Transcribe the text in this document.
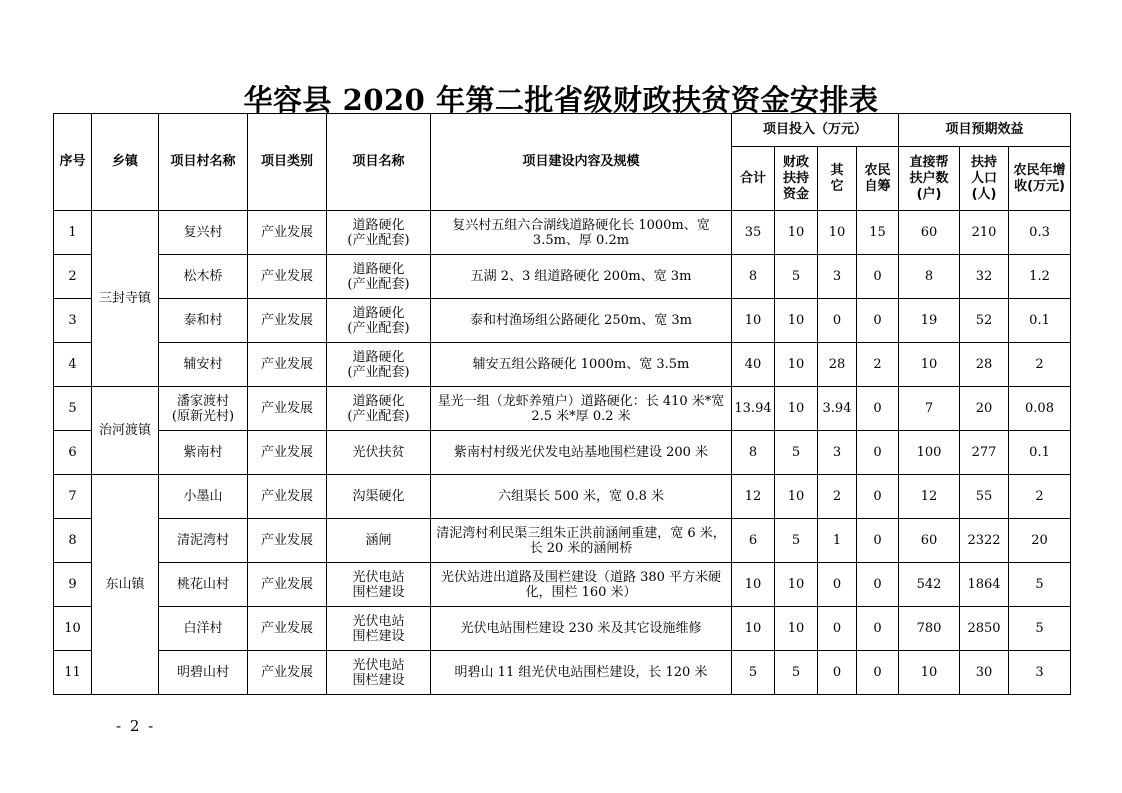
华容县 2020 年第二批省级财政扶贫资金安排表
序号	乡镇	项目村名称	项目类别	项目名称	项目建设内容及规模	项目投入（万元）				项目预期效益		
						合计	财政扶持资金	其它	农民自筹	直接帮扶户数(户)	扶持人口(人)	农民年增收(万元)
1	三封寺镇	复兴村	产业发展	道路硬化
(产业配套)	复兴村五组六合湖线道路硬化长 1000m、宽 3.5m、厚 0.2m	35	10	10	15	60	210	0.3
2		松木桥	产业发展	道路硬化
(产业配套)	五湖 2、3 组道路硬化 200m、宽 3m	8	5	3	0	8	32	1.2
3		泰和村	产业发展	道路硬化
(产业配套)	泰和村渔场组公路硬化 250m、宽 3m	10	10	0	0	19	52	0.1
4		辅安村	产业发展	道路硬化
(产业配套)	辅安五组公路硬化 1000m、宽 3.5m	40	10	28	2	10	28	2
5	治河渡镇	潘家渡村
(原新光村)	产业发展	道路硬化
(产业配套)	星光一组（龙虾养殖户）道路硬化：长 410 米*宽 2.5 米*厚 0.2 米	13.94	10	3.94	0	7	20	0.08
6		紫南村	产业发展	光伏扶贫	紫南村村级光伏发电站基地围栏建设 200 米	8	5	3	0	100	277	0.1
7	东山镇	小墨山	产业发展	沟渠硬化	六组渠长 500 米，宽 0.8 米	12	10	2	0	12	55	2
8		清泥湾村	产业发展	涵闸	清泥湾村利民渠三组朱正洪前涵闸重建，宽 6 米，长 20 米的涵闸桥	6	5	1	0	60	2322	20
9		桃花山村	产业发展	光伏电站
围栏建设	光伏站进出道路及围栏建设（道路 380 平方米硬化，围栏 160 米）	10	10	0	0	542	1864	5
10		白洋村	产业发展	光伏电站
围栏建设	光伏电站围栏建设 230 米及其它设施维修	10	10	0	0	780	2850	5
11		明碧山村	产业发展	光伏电站
围栏建设	明碧山 11 组光伏电站围栏建设，长 120 米	5	5	0	0	10	30	3
- 2 -
